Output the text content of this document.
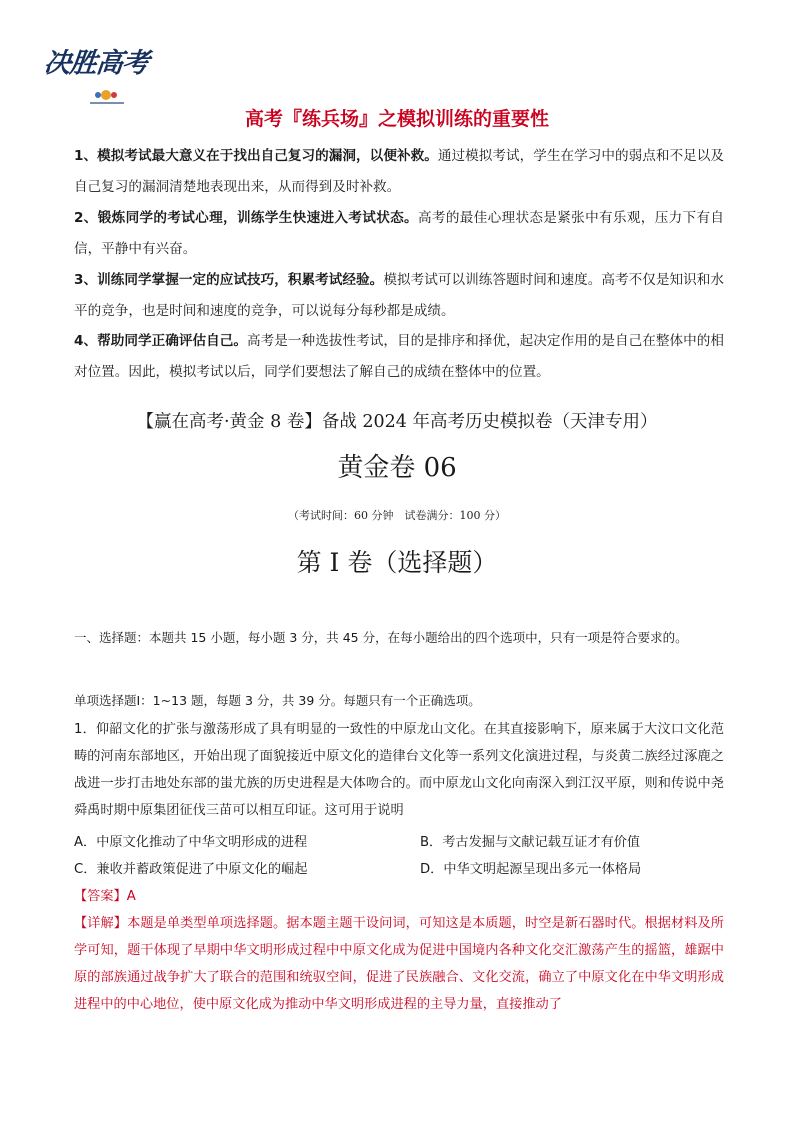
决胜高考
高考『练兵场』之模拟训练的重要性

1、模拟考试最大意义在于找出自己复习的漏洞，以便补救。通过模拟考试，学生在学习中的弱点和不足以及自己复习的漏洞清楚地表现出来，从而得到及时补救。

2、锻炼同学的考试心理，训练学生快速进入考试状态。高考的最佳心理状态是紧张中有乐观，压力下有自信，平静中有兴奋。

3、训练同学掌握一定的应试技巧，积累考试经验。模拟考试可以训练答题时间和速度。高考不仅是知识和水平的竞争，也是时间和速度的竞争，可以说每分每秒都是成绩。

4、帮助同学正确评估自己。高考是一种选拔性考试，目的是排序和择优，起决定作用的是自己在整体中的相对位置。因此，模拟考试以后，同学们要想法了解自己的成绩在整体中的位置。

【赢在高考·黄金 8 卷】备战 2024 年高考历史模拟卷（天津专用）
黄金卷 06
（考试时间：60 分钟　试卷满分：100 分）
第 I 卷（选择题）

一、选择题：本题共 15 小题，每小题 3 分，共 45 分，在每小题给出的四个选项中，只有一项是符合要求的。

单项选择题Ⅰ：1~13 题，每题 3 分，共 39 分。每题只有一个正确选项。

1．仰韶文化的扩张与激荡形成了具有明显的一致性的中原龙山文化。在其直接影响下，原来属于大汶口文化范畴的河南东部地区，开始出现了面貌接近中原文化的造律台文化等一系列文化演进过程，与炎黄二族经过涿鹿之战进一步打击地处东部的蚩尤族的历史进程是大体吻合的。而中原龙山文化向南深入到江汉平原，则和传说中尧舜禹时期中原集团征伐三苗可以相互印证。这可用于说明

A．中原文化推动了中华文明形成的进程	B．考古发掘与文献记载互证才有价值
C．兼收并蓄政策促进了中原文化的崛起	D．中华文明起源呈现出多元一体格局
【答案】A

【详解】本题是单类型单项选择题。据本题主题干设问词，可知这是本质题，时空是新石器时代。根据材料及所学可知，题干体现了早期中华文明形成过程中中原文化成为促进中国境内各种文化交汇激荡产生的摇篮，雄踞中原的部族通过战争扩大了联合的范围和统驭空间，促进了民族融合、文化交流，确立了中原文化在中华文明形成进程中的中心地位，使中原文化成为推动中华文明形成进程的主导力量，直接推动了
